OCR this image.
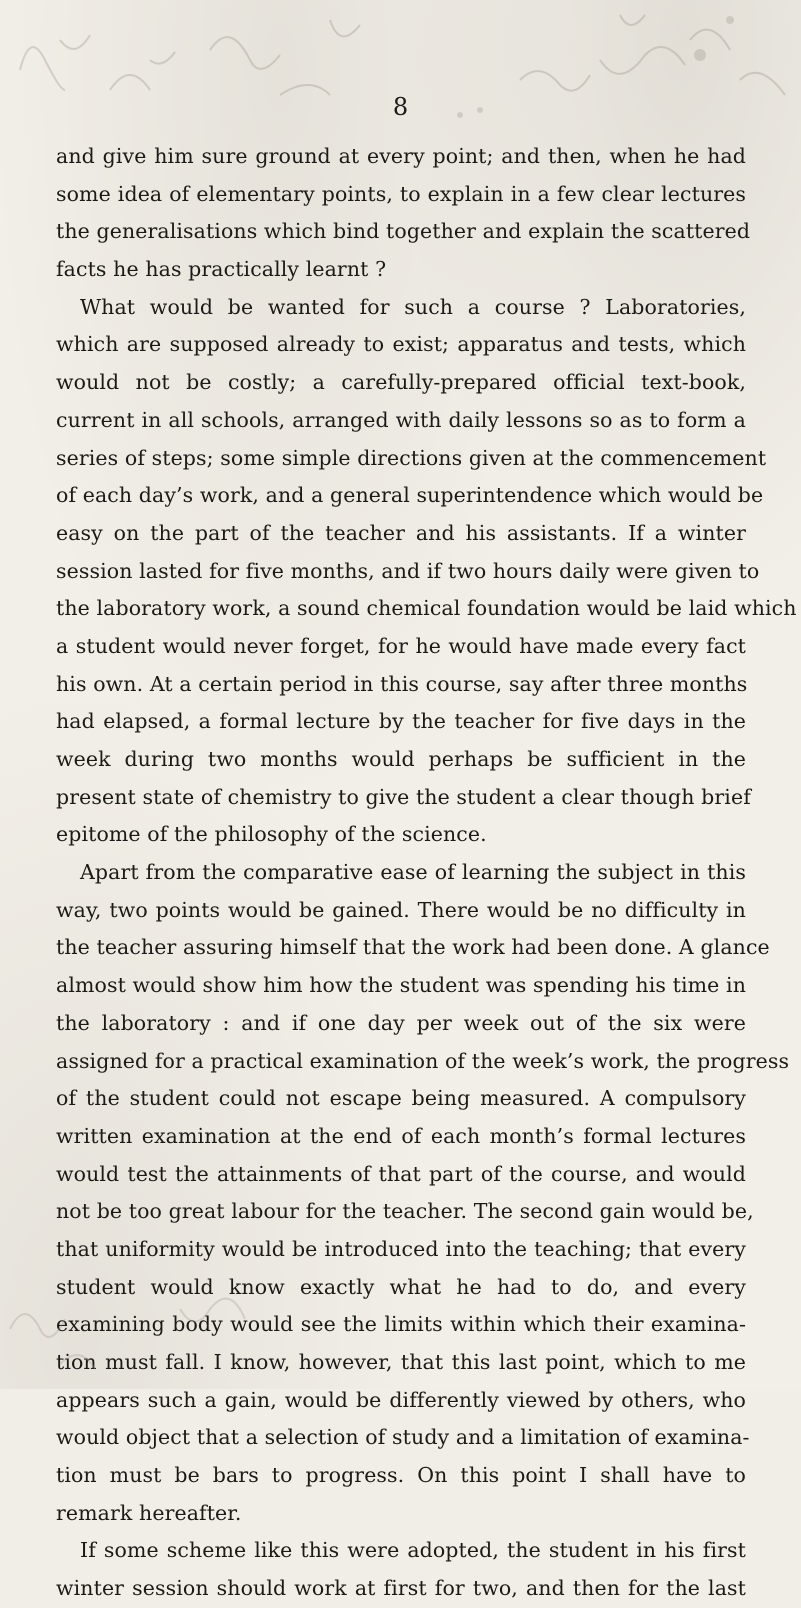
8
and give him sure ground at every point; and then, when he had
some idea of elementary points, to explain in a few clear lectures
the generalisations which bind together and explain the scattered
facts he has practically learnt ?
What would be wanted for such a course ? Laboratories,
which are supposed already to exist; apparatus and tests, which
would not be costly; a carefully-prepared official text-book,
current in all schools, arranged with daily lessons so as to form a
series of steps; some simple directions given at the commencement
of each day’s work, and a general superintendence which would be
easy on the part of the teacher and his assistants. If a winter
session lasted for five months, and if two hours daily were given to
the laboratory work, a sound chemical foundation would be laid which
a student would never forget, for he would have made every fact
his own. At a certain period in this course, say after three months
had elapsed, a formal lecture by the teacher for five days in the
week during two months would perhaps be sufficient in the
present state of chemistry to give the student a clear though brief
epitome of the philosophy of the science.
Apart from the comparative ease of learning the subject in this
way, two points would be gained. There would be no difficulty in
the teacher assuring himself that the work had been done. A glance
almost would show him how the student was spending his time in
the laboratory : and if one day per week out of the six were
assigned for a practical examination of the week’s work, the progress
of the student could not escape being measured. A compulsory
written examination at the end of each month’s formal lectures
would test the attainments of that part of the course, and would
not be too great labour for the teacher. The second gain would be,
that uniformity would be introduced into the teaching; that every
student would know exactly what he had to do, and every
examining body would see the limits within which their examina-
tion must fall. I know, however, that this last point, which to me
appears such a gain, would be differently viewed by others, who
would object that a selection of study and a limitation of examina-
tion must be bars to progress. On this point I shall have to
remark hereafter.
If some scheme like this were adopted, the student in his first
winter session should work at first for two, and then for the last
